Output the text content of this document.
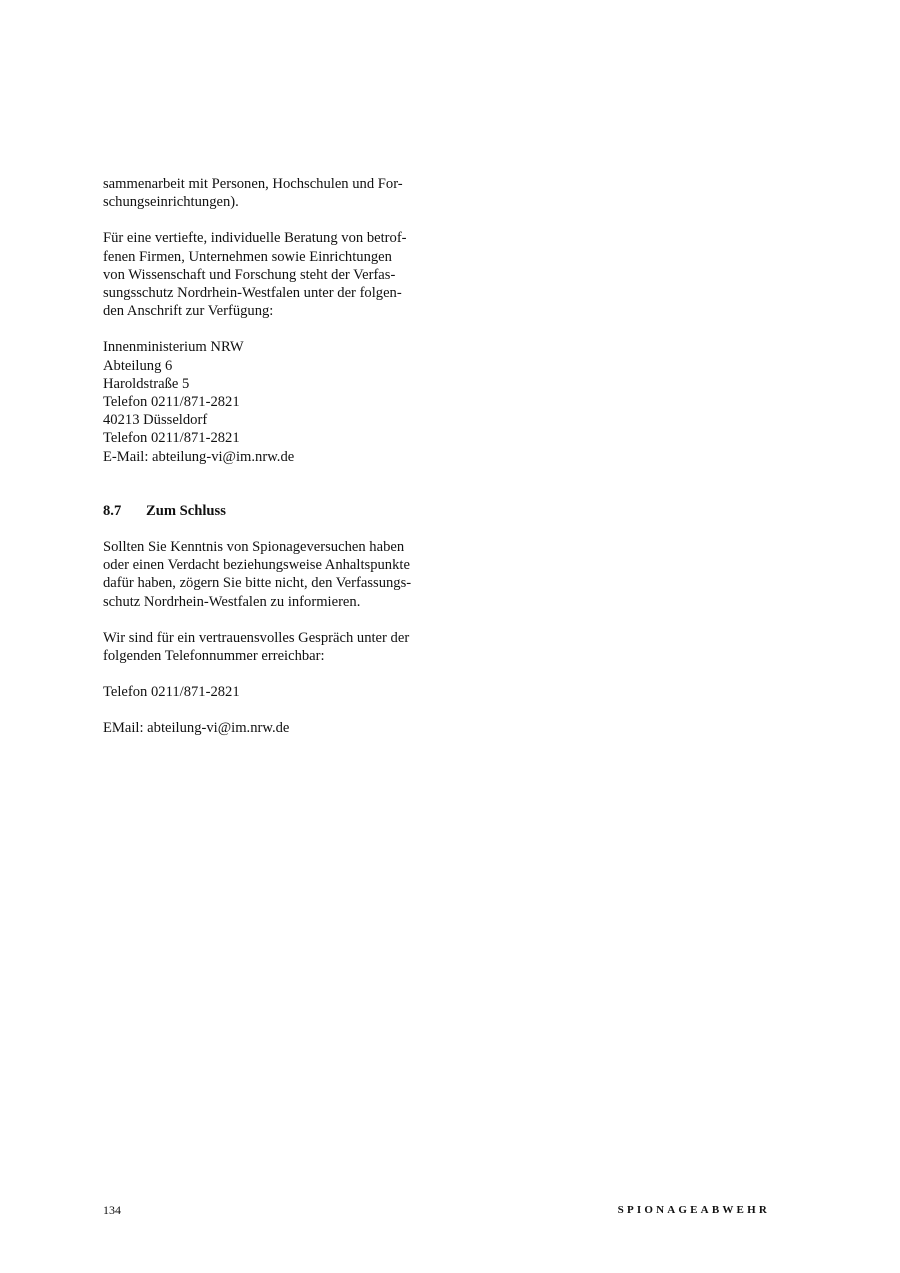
sammenarbeit mit Personen, Hochschulen und For-
schungseinrichtungen).

Für eine vertiefte, individuelle Beratung von betrof-
fenen Firmen, Unternehmen sowie Einrichtungen
von Wissenschaft und Forschung steht der Verfas-
sungsschutz Nordrhein-Westfalen unter der folgen-
den Anschrift zur Verfügung:

Innenministerium NRW
Abteilung 6
Haroldstraße 5
Telefon 0211/871-2821
40213 Düsseldorf
Telefon 0211/871-2821
E-Mail: abteilung-vi@im.nrw.de

8.7	Zum Schluss

Sollten Sie Kenntnis von Spionageversuchen haben
oder einen Verdacht beziehungsweise Anhaltspunkte
dafür haben, zögern Sie bitte nicht, den Verfassungs-
schutz Nordrhein-Westfalen zu informieren.

Wir sind für ein vertrauensvolles Gespräch unter der
folgenden Telefonnummer erreichbar:

Telefon 0211/871-2821

EMail: abteilung-vi@im.nrw.de

134	SPIONAGEABWEHR
